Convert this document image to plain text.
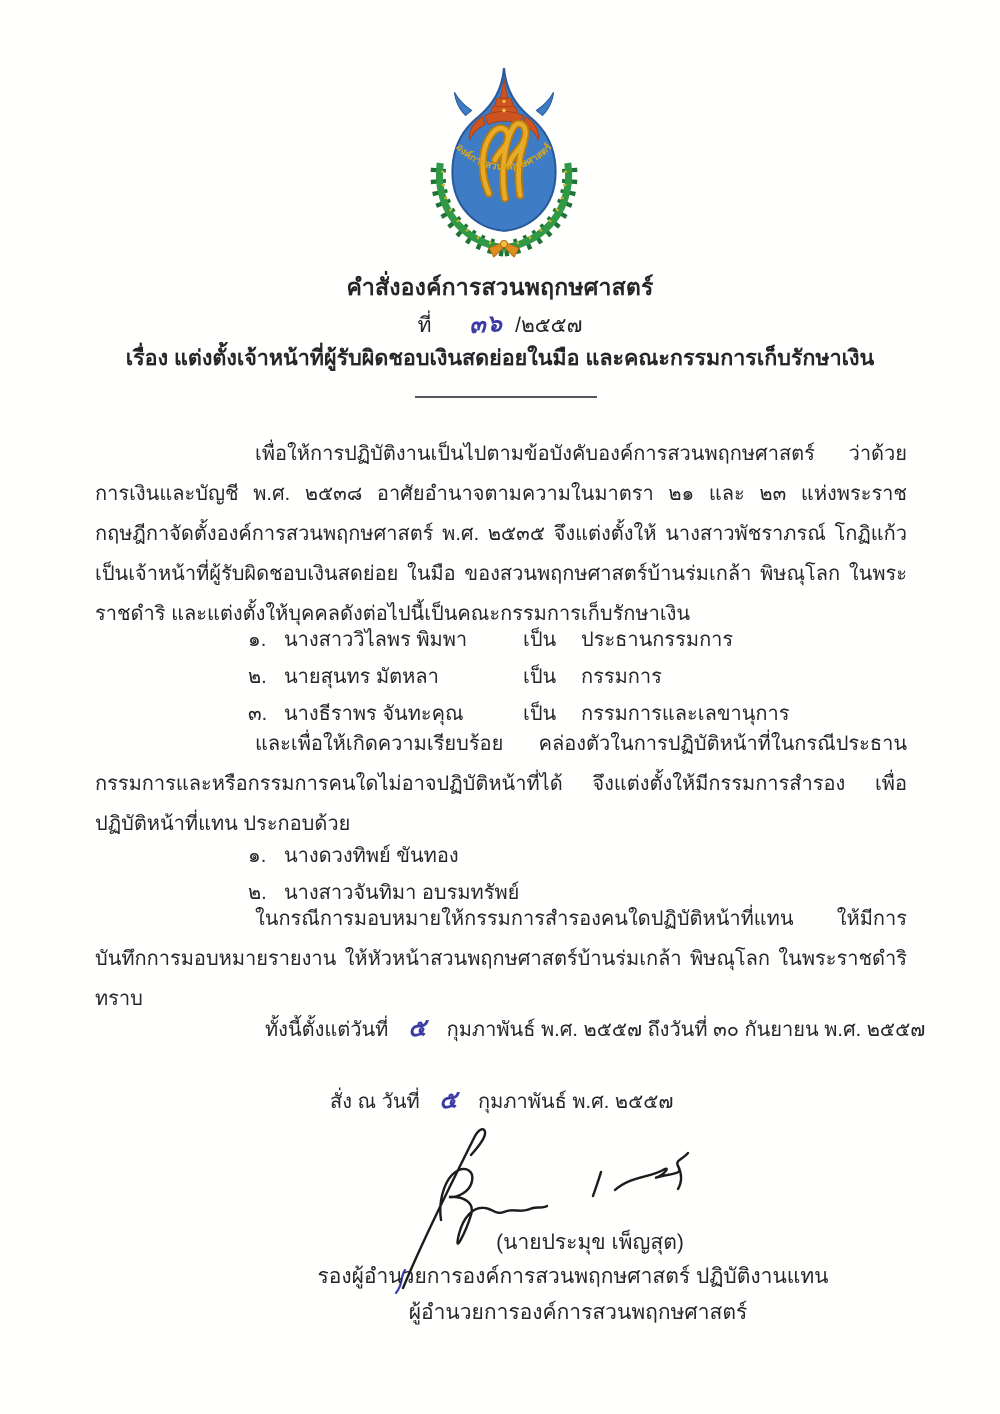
องค์การสวนพฤกษศาสตร์
คำสั่งองค์การสวนพฤกษศาสตร์
ที่ ๓๖ /๒๕๕๗
เรื่อง แต่งตั้งเจ้าหน้าที่ผู้รับผิดชอบเงินสดย่อยในมือ และคณะกรรมการเก็บรักษาเงิน

เพื่อให้การปฏิบัติงานเป็นไปตามข้อบังคับองค์การสวนพฤกษศาสตร์ ว่าด้วยการเงินและบัญชี พ.ศ. ๒๕๓๘ อาศัยอำนาจตามความในมาตรา ๒๑ และ ๒๓ แห่งพระราชกฤษฎีกาจัดตั้งองค์การสวนพฤกษศาสตร์ พ.ศ. ๒๕๓๕ จึงแต่งตั้งให้ นางสาวพัชราภรณ์ โกฏิแก้ว เป็นเจ้าหน้าที่ผู้รับผิดชอบเงินสดย่อย ในมือ ของสวนพฤกษศาสตร์บ้านร่มเกล้า พิษณุโลก ในพระราชดำริ และแต่งตั้งให้บุคคลดังต่อไปนี้เป็นคณะกรรมการเก็บรักษาเงิน

๑. นางสาววิไลพร พิมพา	เป็น	ประธานกรรมการ
๒. นายสุนทร มัตหลา	เป็น	กรรมการ
๓. นางธีราพร จันทะคุณ	เป็น	กรรมการและเลขานุการ

และเพื่อให้เกิดความเรียบร้อย คล่องตัวในการปฏิบัติหน้าที่ในกรณีประธานกรรมการและหรือกรรมการคนใดไม่อาจปฏิบัติหน้าที่ได้ จึงแต่งตั้งให้มีกรรมการสำรอง เพื่อปฏิบัติหน้าที่แทน ประกอบด้วย

๑. นางดวงทิพย์ ขันทอง
๒. นางสาวจันทิมา อบรมทรัพย์

ในกรณีการมอบหมายให้กรรมการสำรองคนใดปฏิบัติหน้าที่แทน ให้มีการบันทึกการมอบหมายรายงาน ให้หัวหน้าสวนพฤกษศาสตร์บ้านร่มเกล้า พิษณุโลก ในพระราชดำริ ทราบ

ทั้งนี้ตั้งแต่วันที่ ๕ กุมภาพันธ์ พ.ศ. ๒๕๕๗ ถึงวันที่ ๓๐ กันยายน พ.ศ. ๒๕๕๗
สั่ง ณ วันที่ ๕ กุมภาพันธ์ พ.ศ. ๒๕๕๗
(นายประมุข เพ็ญสุต)
รองผู้อำนวยการองค์การสวนพฤกษศาสตร์ ปฏิบัติงานแทน
ผู้อำนวยการองค์การสวนพฤกษศาสตร์
